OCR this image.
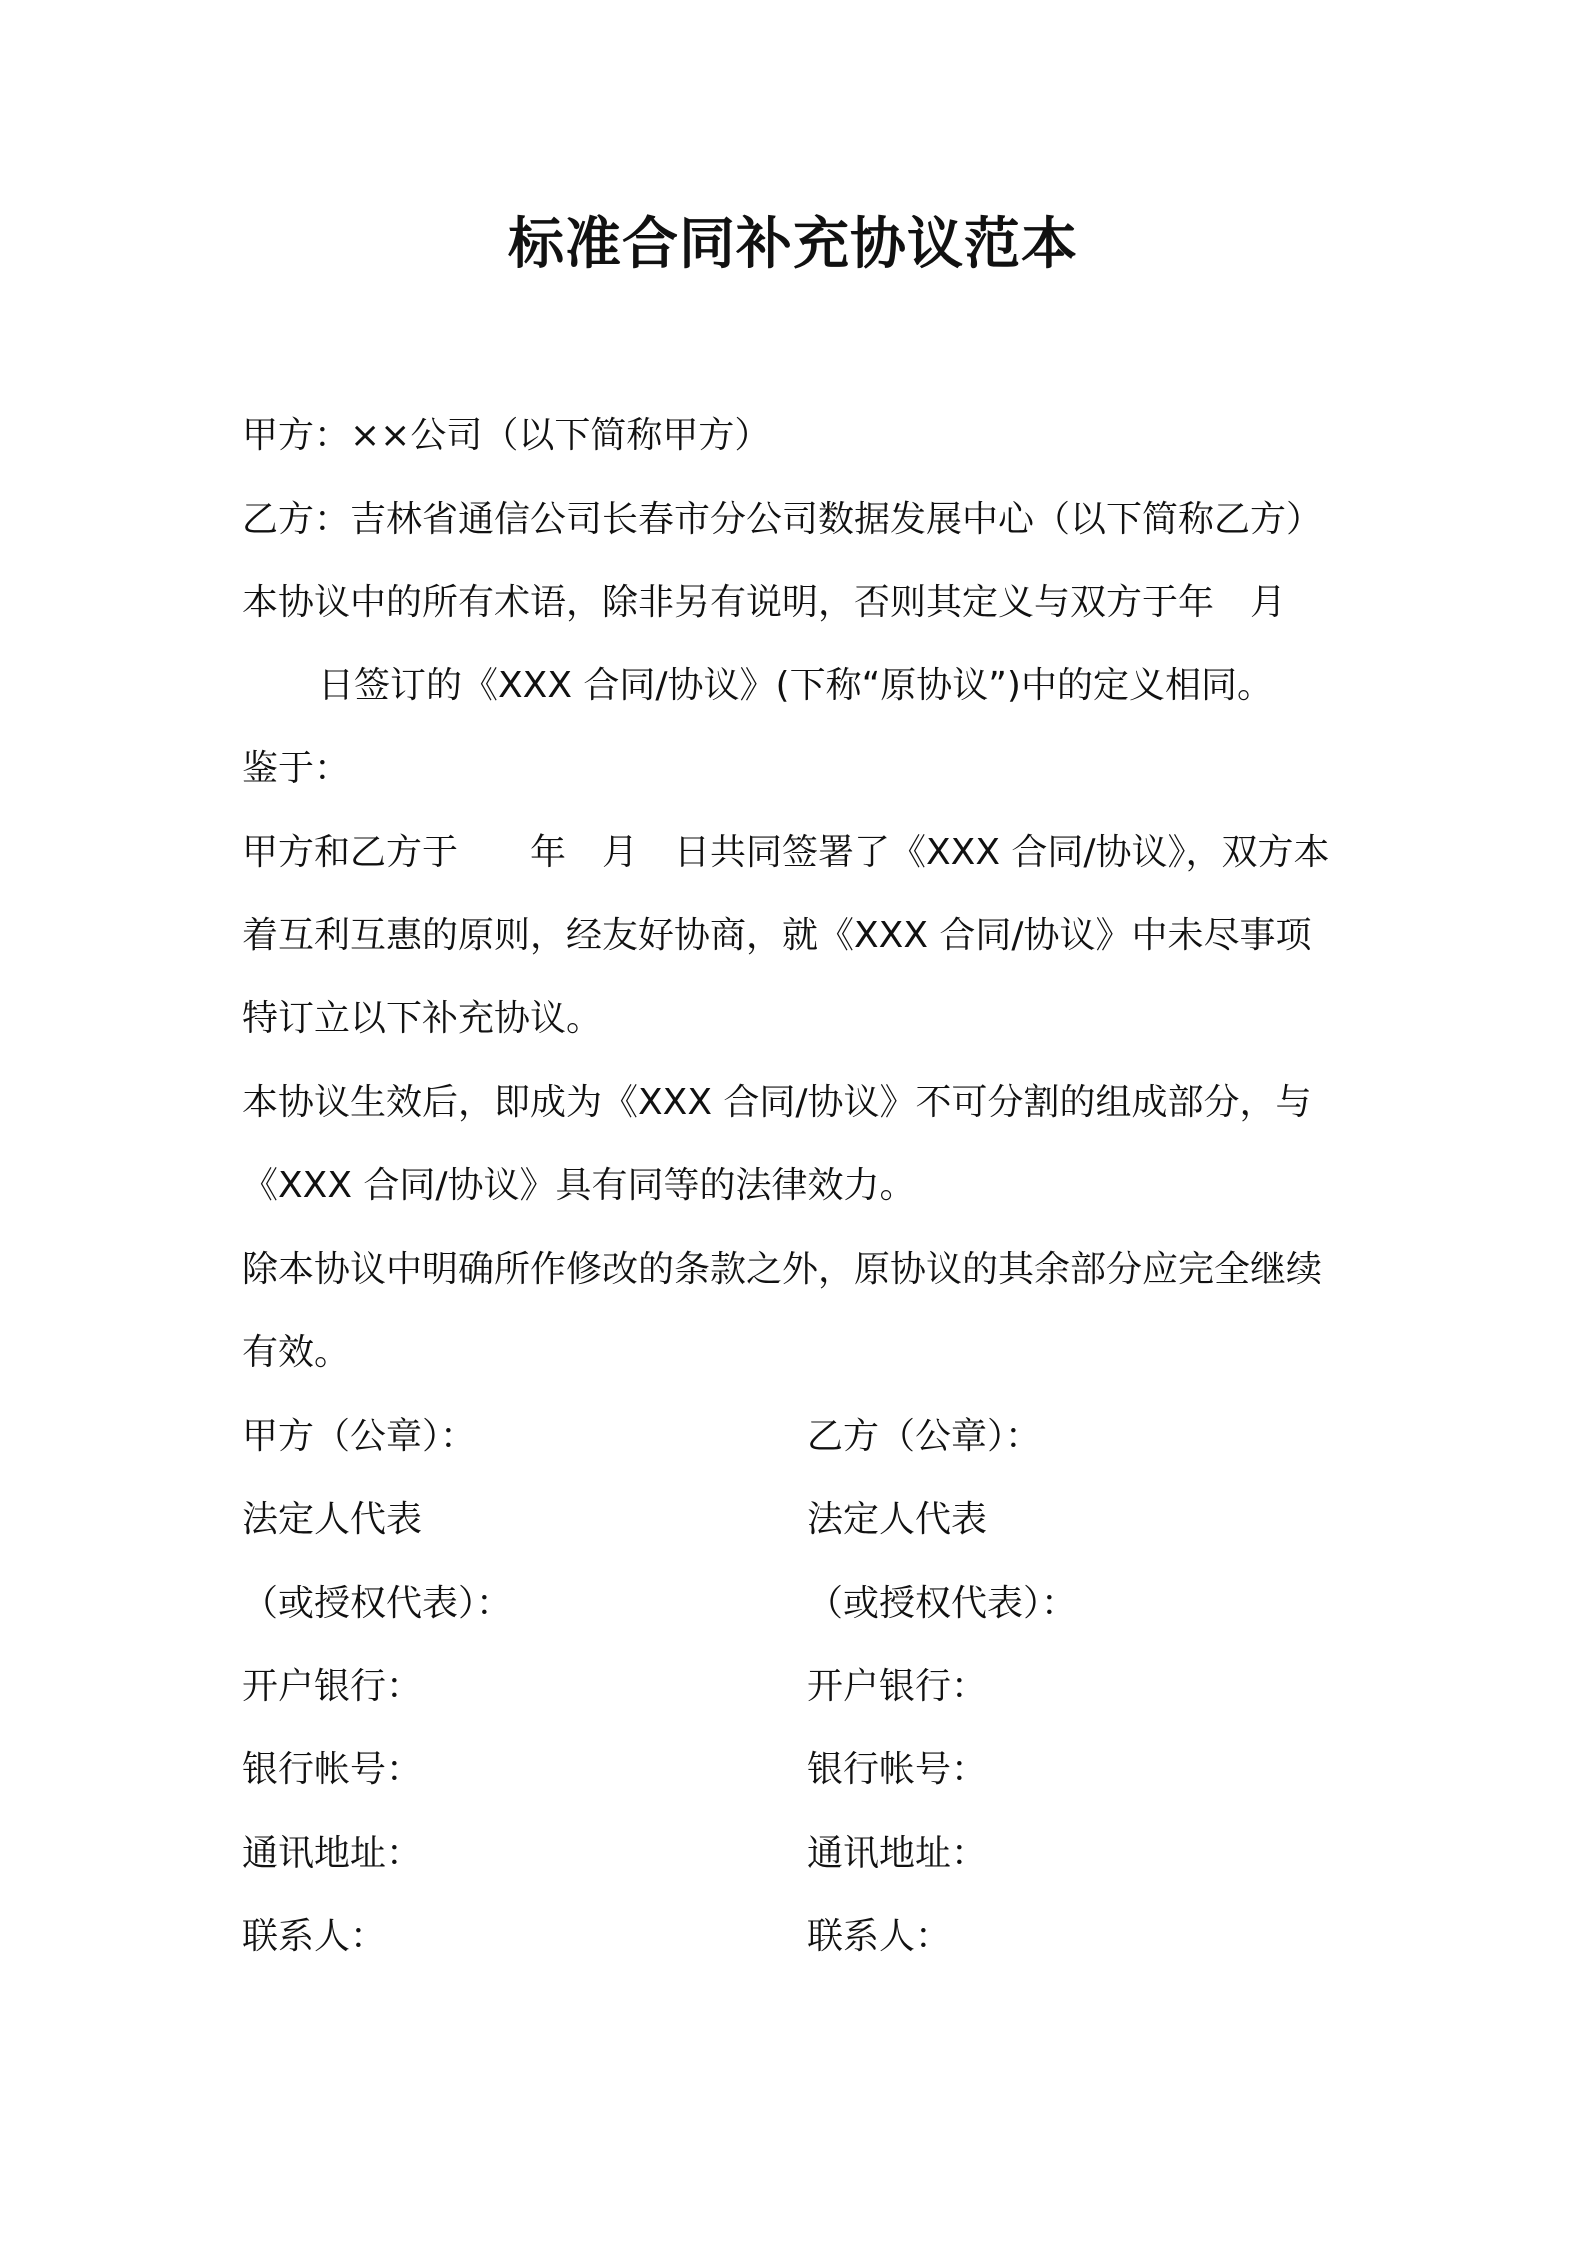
标准合同补充协议范本
甲方：××公司（以下简称甲方）
乙方：吉林省通信公司长春市分公司数据发展中心（以下简称乙方）
本协议中的所有术语，除非另有说明，否则其定义与双方于年　月
日签订的《XXX 合同/协议》(下称“原协议”)中的定义相同。
鉴于：
甲方和乙方于　　年　月　日共同签署了《XXX 合同/协议》，双方本
着互利互惠的原则，经友好协商，就《XXX 合同/协议》中未尽事项
特订立以下补充协议。
本协议生效后，即成为《XXX 合同/协议》不可分割的组成部分，与
《XXX 合同/协议》具有同等的法律效力。
除本协议中明确所作修改的条款之外，原协议的其余部分应完全继续
有效。
甲方（公章）：
法定人代表
（或授权代表）：
开户银行：
银行帐号：
通讯地址：
联系人：
乙方（公章）：
法定人代表
（或授权代表）：
开户银行：
银行帐号：
通讯地址：
联系人：
